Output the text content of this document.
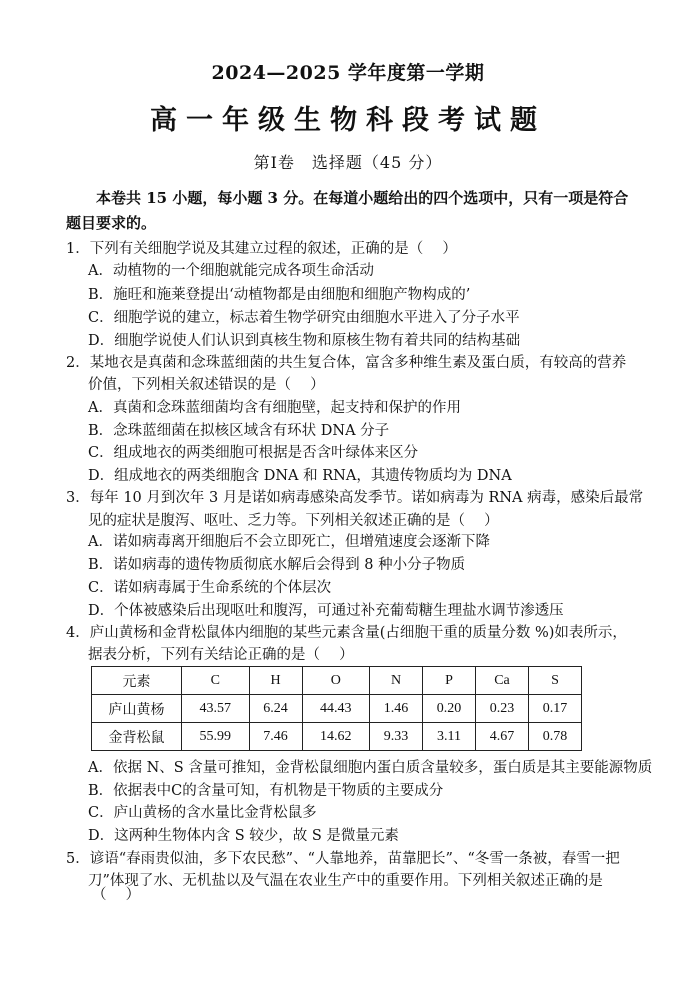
2024—2025 学年度第一学期
高一年级生物科段考试题
第Ⅰ卷　选择题（45 分）
本卷共 15 小题，每小题 3 分。在每道小题给出的四个选项中，只有一项是符合题目要求的。
1．下列有关细胞学说及其建立过程的叙述，正确的是（　 ）
A．动植物的一个细胞就能完成各项生命活动
B．施旺和施莱登提出‘动植物都是由细胞和细胞产物构成的’
C．细胞学说的建立，标志着生物学研究由细胞水平进入了分子水平
D．细胞学说使人们认识到真核生物和原核生物有着共同的结构基础
2．某地衣是真菌和念珠蓝细菌的共生复合体，富含多种维生素及蛋白质，有较高的营养
价值，下列相关叙述错误的是（　 ）
A．真菌和念珠蓝细菌均含有细胞壁，起支持和保护的作用
B．念珠蓝细菌在拟核区域含有环状 DNA 分子
C．组成地衣的两类细胞可根据是否含叶绿体来区分
D．组成地衣的两类细胞含 DNA 和 RNA，其遗传物质均为 DNA
3．每年 10 月到次年 3 月是诺如病毒感染高发季节。诺如病毒为 RNA 病毒，感染后最常
见的症状是腹泻、呕吐、乏力等。下列相关叙述正确的是（　 ）
A．诺如病毒离开细胞后不会立即死亡，但增殖速度会逐渐下降
B．诺如病毒的遗传物质彻底水解后会得到 8 种小分子物质
C．诺如病毒属于生命系统的个体层次
D．个体被感染后出现呕吐和腹泻，可通过补充葡萄糖生理盐水调节渗透压
4．庐山黄杨和金背松鼠体内细胞的某些元素含量(占细胞干重的质量分数 %)如表所示，
据表分析，下列有关结论正确的是（　 ）
元素	C	H	O	N	P	Ca	S
庐山黄杨	43.57	6.24	44.43	1.46	0.20	0.23	0.17
金背松鼠	55.99	7.46	14.62	9.33	3.11	4.67	0.78
A．依据 N、S 含量可推知，金背松鼠细胞内蛋白质含量较多，蛋白质是其主要能源物质
B．依据表中C的含量可知，有机物是干物质的主要成分
C．庐山黄杨的含水量比金背松鼠多
D．这两种生物体内含 S 较少，故 S 是微量元素
5．谚语“春雨贵似油，多下农民愁”、“人靠地养，苗靠肥长”、“冬雪一条被，春雪一把
刀”体现了水、无机盐以及气温在农业生产中的重要作用。下列相关叙述正确的是
（　 ）
